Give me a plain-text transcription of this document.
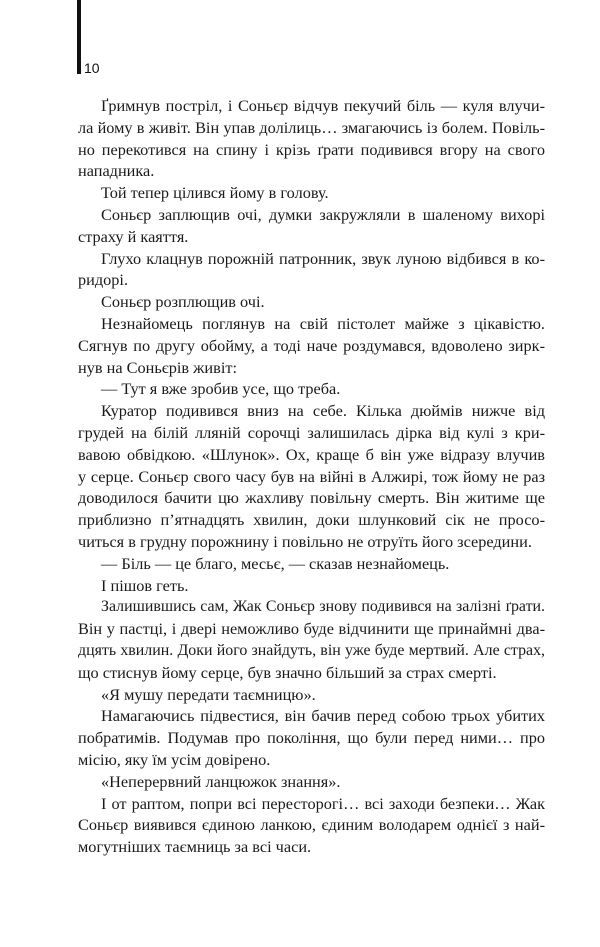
10
Ґримнув постріл, і Соньєр відчув пекучий біль — куля влучи-
ла йому в живіт. Він упав долілиць… змагаючись із болем. Повіль-
но перекотився на спину і крізь ґрати подивився вгору на свого
нападника.
Той тепер цілився йому в голову.
Соньєр заплющив очі, думки закружляли в шаленому вихорі
страху й каяття.
Глухо клацнув порожній патронник, звук луною відбився в ко-
ридорі.
Соньєр розплющив очі.
Незнайомець поглянув на свій пістолет майже з цікавістю.
Сягнув по другу обойму, а тоді наче роздумався, вдоволено зирк-
нув на Соньєрів живіт:
— Тут я вже зробив усе, що треба.
Куратор подивився вниз на себе. Кілька дюймів нижче від
грудей на білій лляній сорочці залишилась дірка від кулі з кри-
вавою обвідкою. «Шлунок». Ох, краще б він уже відразу влучив
у серце. Соньєр свого часу був на війні в Алжирі, тож йому не раз
доводилося бачити цю жахливу повільну смерть. Він житиме ще
приблизно п’ятнадцять хвилин, доки шлунковий сік не просо-
читься в грудну порожнину і повільно не отруїть його зсередини.
— Біль — це благо, месьє, — сказав незнайомець.
І пішов геть.
Залишившись сам, Жак Соньєр знову подивився на залізні ґрати.
Він у пастці, і двері неможливо буде відчинити ще принаймні два-
дцять хвилин. Доки його знайдуть, він уже буде мертвий. Але страх,
що стиснув йому серце, був значно більший за страх смерті.
«Я мушу передати таємницю».
Намагаючись підвестися, він бачив перед собою трьох убитих
побратимів. Подумав про покоління, що були перед ними… про
місію, яку їм усім довірено.
«Неперервний ланцюжок знання».
І от раптом, попри всі пересторогі… всі заходи безпеки… Жак
Соньєр виявився єдиною ланкою, єдиним володарем однієї з най-
могутніших таємниць за всі часи.
